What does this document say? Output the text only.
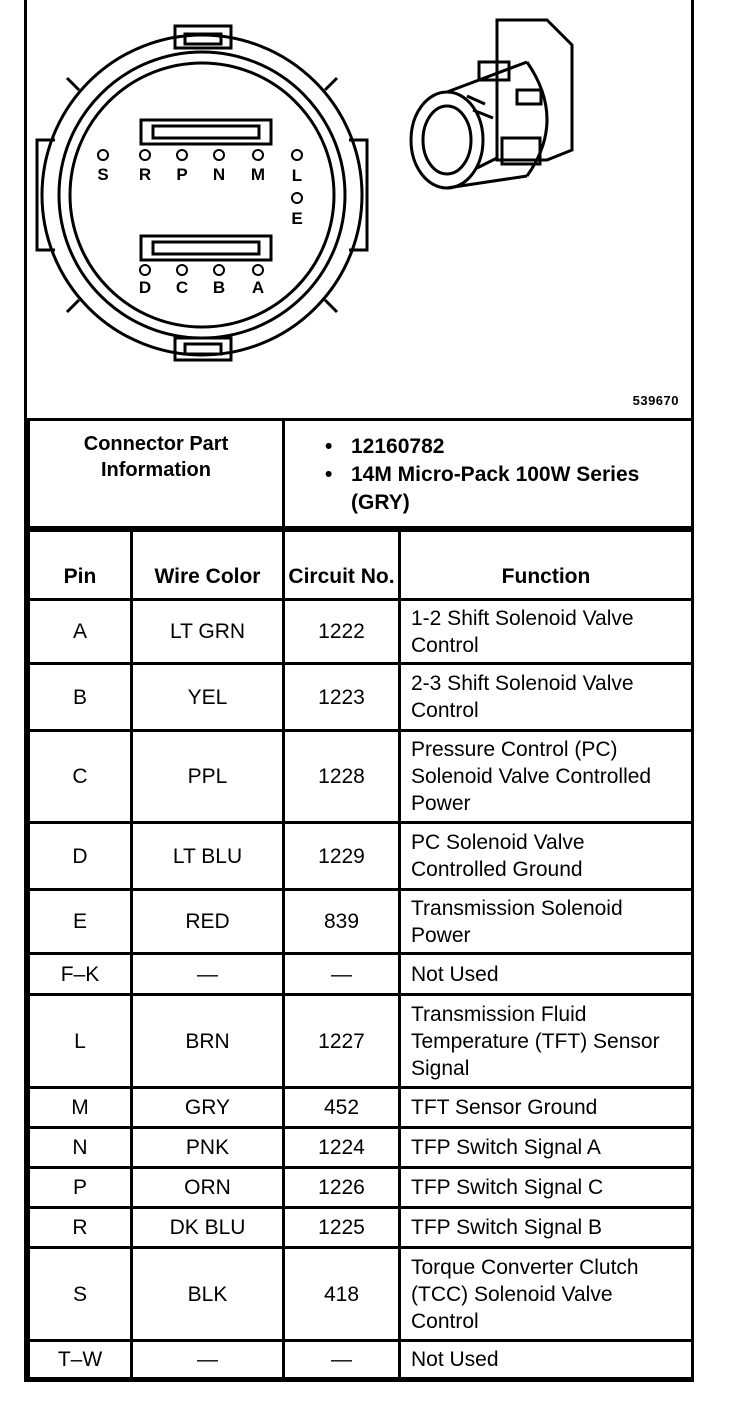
S R P N M L
E
D C B A
539670
Connector Part Information	
• 12160782
• 14M Micro-Pack 100W Series (GRY)
Pin	Wire Color	Circuit No.	Function
A	LT GRN	1222	1-2 Shift Solenoid Valve Control
B	YEL	1223	2-3 Shift Solenoid Valve Control
C	PPL	1228	Pressure Control (PC) Solenoid Valve Controlled Power
D	LT BLU	1229	PC Solenoid Valve Controlled Ground
E	RED	839	Transmission Solenoid Power
F–K	—	—	Not Used
L	BRN	1227	Transmission Fluid Temperature (TFT) Sensor Signal
M	GRY	452	TFT Sensor Ground
N	PNK	1224	TFP Switch Signal A
P	ORN	1226	TFP Switch Signal C
R	DK BLU	1225	TFP Switch Signal B
S	BLK	418	Torque Converter Clutch (TCC) Solenoid Valve Control
T–W	—	—	Not Used
